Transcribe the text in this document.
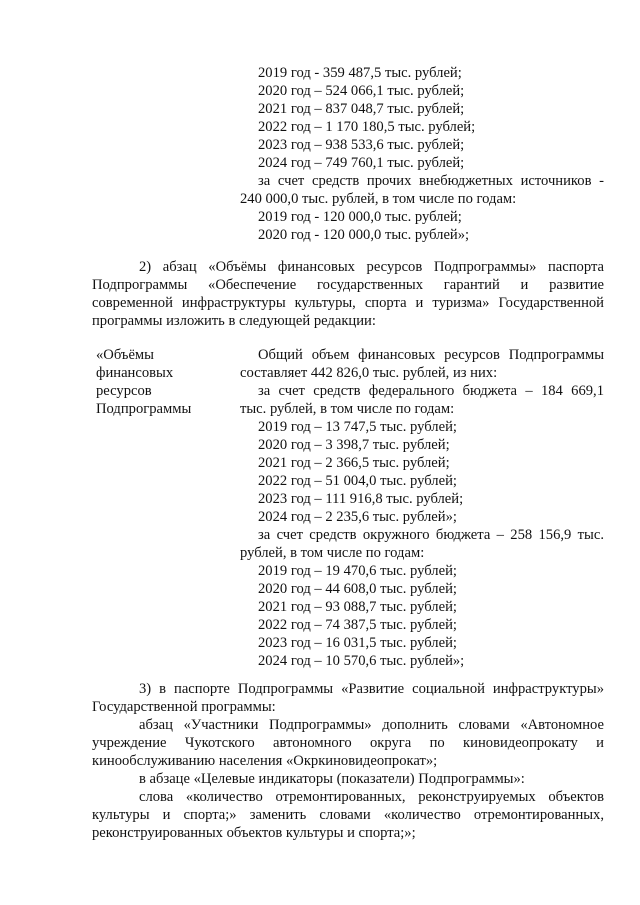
2019 год - 359 487,5 тыс. рублей;
2020 год – 524 066,1 тыс. рублей;
2021 год – 837 048,7 тыс. рублей;
2022 год – 1 170 180,5 тыс. рублей;
2023 год – 938 533,6 тыс. рублей;
2024 год – 749 760,1 тыс. рублей;
за счет средств прочих внебюджетных источников -
240 000,0 тыс. рублей, в том числе по годам:
2019 год - 120 000,0 тыс. рублей;
2020 год - 120 000,0 тыс. рублей»;
2) абзац «Объёмы финансовых ресурсов Подпрограммы» паспорта
Подпрограммы «Обеспечение государственных гарантий и развитие
современной инфраструктуры культуры, спорта и туризма» Государственной
программы изложить в следующей редакции:
«Объёмы
финансовых
ресурсов
Подпрограммы
Общий объем финансовых ресурсов Подпрограммы
составляет 442 826,0 тыс. рублей, из них:
за счет средств федерального бюджета – 184 669,1
тыс. рублей, в том числе по годам:
2019 год – 13 747,5 тыс. рублей;
2020 год – 3 398,7 тыс. рублей;
2021 год – 2 366,5 тыс. рублей;
2022 год – 51 004,0 тыс. рублей;
2023 год – 111 916,8 тыс. рублей;
2024 год – 2 235,6 тыс. рублей»;
за счет средств окружного бюджета – 258 156,9 тыс.
рублей, в том числе по годам:
2019 год – 19 470,6 тыс. рублей;
2020 год – 44 608,0 тыс. рублей;
2021 год – 93 088,7 тыс. рублей;
2022 год – 74 387,5 тыс. рублей;
2023 год – 16 031,5 тыс. рублей;
2024 год – 10 570,6 тыс. рублей»;
3) в паспорте Подпрограммы «Развитие социальной инфраструктуры»
Государственной программы:
абзац «Участники Подпрограммы» дополнить словами «Автономное
учреждение Чукотского автономного округа по киновидеопрокату и
кинообслуживанию населения «Окркиновидеопрокат»;
в абзаце «Целевые индикаторы (показатели) Подпрограммы»:
слова «количество отремонтированных, реконструируемых объектов
культуры и спорта;» заменить словами «количество отремонтированных,
реконструированных объектов культуры и спорта;»;
